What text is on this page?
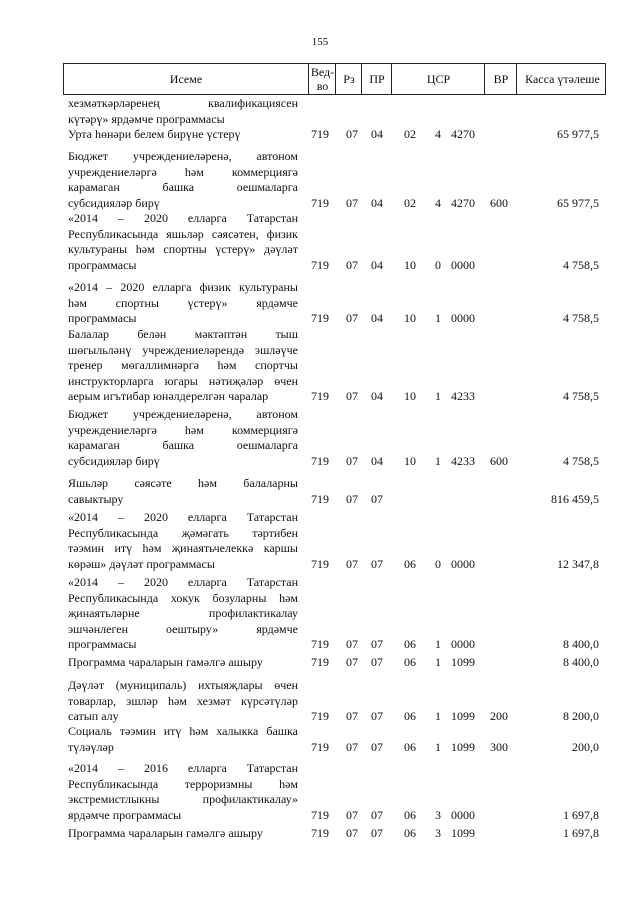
155
Исеме	Вед-во	Рз	ПР	ЦСР	ВР	Касса үтәлеше
хезмәткәрләренең квалификациясен
күтәрү» ярдәмче программасы
Урта һөнәри белем бирүне үстерү	719 07 04 02 4 4270	65 977,5
Бюджет учреждениеләренә, автоном
учреждениеләргә һәм коммерциягә
карамаган башка оешмаларга
субсидияләр бирү	719 07 04 02 4 4270 600	65 977,5
«2014 – 2020 елларга Татарстан
Республикасында яшьләр сәясәтен, физик
культураны һәм спортны үстерү» дәүләт
программасы	719 07 04 10 0 0000	4 758,5
«2014 – 2020 елларга физик культураны
һәм спортны үстерү» ярдәмче
программасы	719 07 04 10 1 0000	4 758,5
Балалар белән мәктәптән тыш
шөгыльләнү учреждениеләрендә эшләүче
тренер мөгаллимнәргә һәм спортчы
инструкторларга югары нәтиҗәләр өчен
аерым игътибар юнәлдерелгән чаралар	719 07 04 10 1 4233	4 758,5
Бюджет учреждениеләренә, автоном
учреждениеләргә һәм коммерциягә
карамаган башка оешмаларга
субсидияләр бирү	719 07 04 10 1 4233 600	4 758,5
Яшьләр сәясәте һәм балаларны
савыктыру	719 07 07	816 459,5
«2014 – 2020 елларга Татарстан
Республикасында җәмәгать тәртибен
тәэмин итү һәм җинаятьчелеккә каршы
көрәш» дәүләт программасы	719 07 07 06 0 0000	12 347,8
«2014 – 2020 елларга Татарстан
Республикасында хокук бозуларны һәм
җинаятьләрне профилактикалау
эшчәнлеген оештыру» ярдәмче
программасы	719 07 07 06 1 0000	8 400,0
Программа чараларын гамәлгә ашыру	719 07 07 06 1 1099	8 400,0
Дәүләт (муниципаль) ихтыяҗлары өчен
товарлар, эшләр һәм хезмәт күрсәтүләр
сатып алу	719 07 07 06 1 1099 200	8 200,0
Социаль тәэмин итү һәм халыкка башка
түләүләр	719 07 07 06 1 1099 300	200,0
«2014 – 2016 елларга Татарстан
Республикасында терроризмны һәм
экстремистлыкны профилактикалау»
ярдәмче программасы	719 07 07 06 3 0000	1 697,8
Программа чараларын гамәлгә ашыру	719 07 07 06 3 1099	1 697,8
